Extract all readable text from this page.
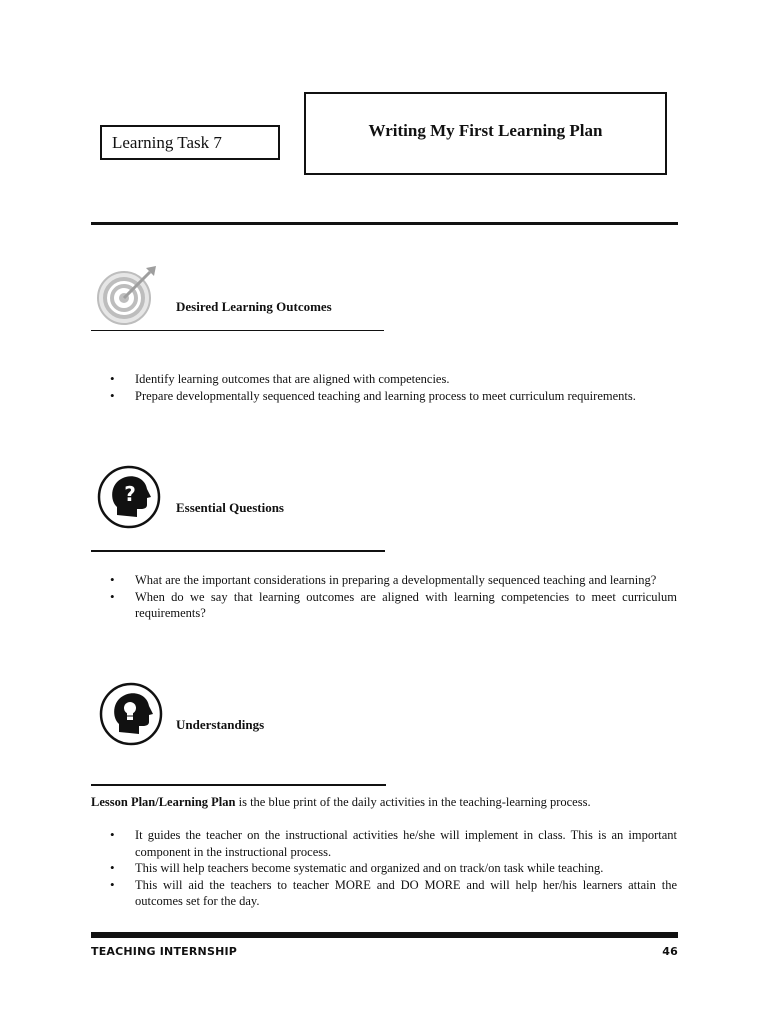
Learning Task 7
Writing My First Learning Plan
Desired Learning Outcomes
• Identify learning outcomes that are aligned with competencies.
• Prepare developmentally sequenced teaching and learning process to meet curriculum requirements.
?
Essential Questions
• What are the important considerations in preparing a developmentally sequenced teaching and learning?
• When do we say that learning outcomes are aligned with learning competencies to meet curriculum requirements?
Understandings
Lesson Plan/Learning Plan is the blue print of the daily activities in the teaching-learning process.
• It guides the teacher on the instructional activities he/she will implement in class. This is an important component in the instructional process.
• This will help teachers become systematic and organized and on track/on task while teaching.
• This will aid the teachers to teacher MORE and DO MORE and will help her/his learners attain the outcomes set for the day.
TEACHING INTERNSHIP	46
